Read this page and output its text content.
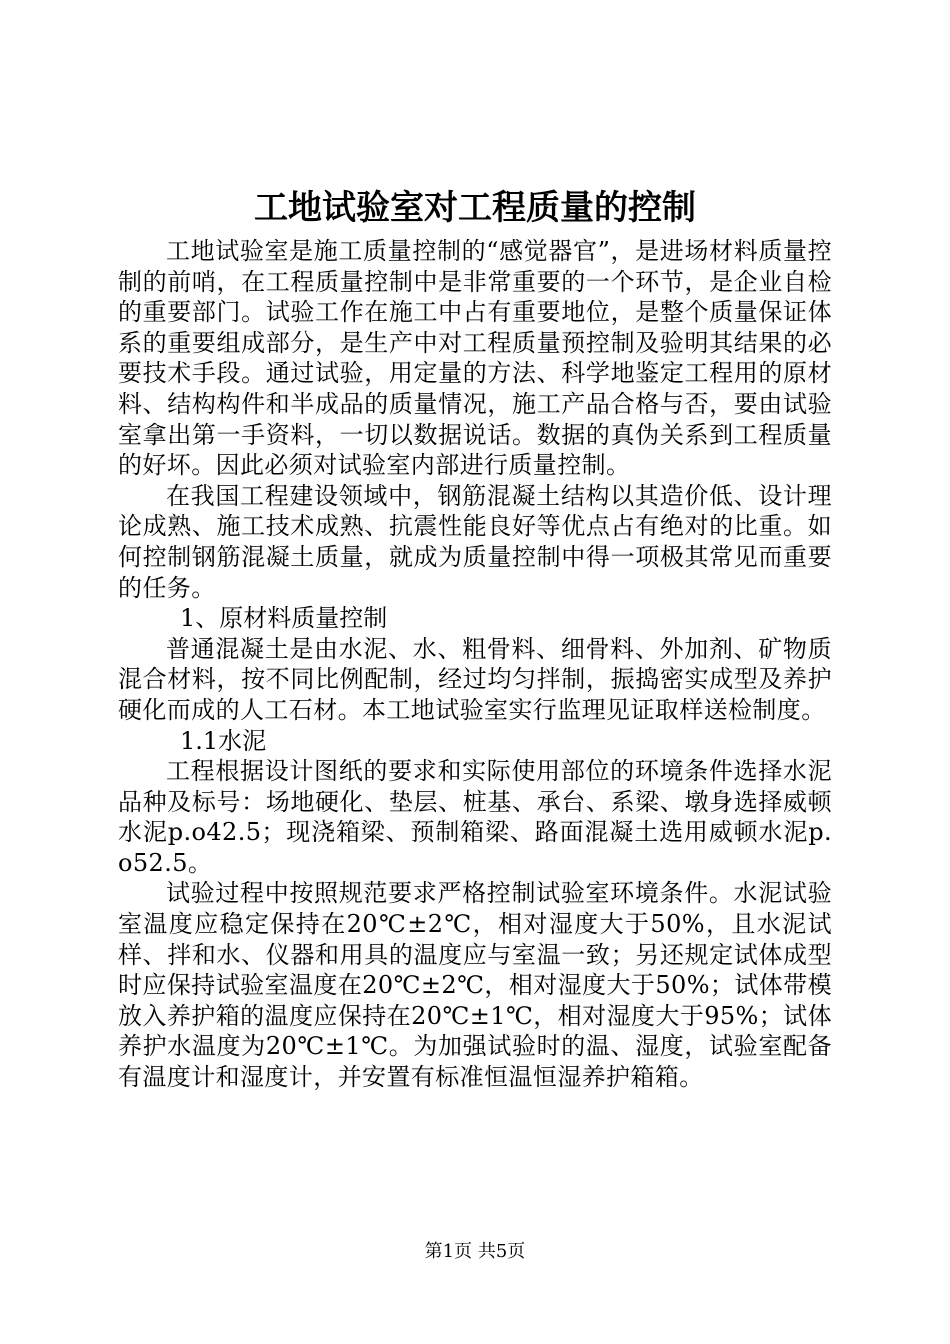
工地试验室对工程质量的控制

工地试验室是施工质量控制的“感觉器官”，是进场材料质量控制的前哨，在工程质量控制中是非常重要的一个环节，是企业自检的重要部门。试验工作在施工中占有重要地位，是整个质量保证体系的重要组成部分，是生产中对工程质量预控制及验明其结果的必要技术手段。通过试验，用定量的方法、科学地鉴定工程用的原材料、结构构件和半成品的质量情况，施工产品合格与否，要由试验室拿出第一手资料，一切以数据说话。数据的真伪关系到工程质量的好坏。因此必须对试验室内部进行质量控制。

在我国工程建设领域中，钢筋混凝土结构以其造价低、设计理论成熟、施工技术成熟、抗震性能良好等优点占有绝对的比重。如何控制钢筋混凝土质量，就成为质量控制中得一项极其常见而重要的任务。

1、原材料质量控制

普通混凝土是由水泥、水、粗骨料、细骨料、外加剂、矿物质混合材料，按不同比例配制，经过均匀拌制，振捣密实成型及养护硬化而成的人工石材。本工地试验室实行监理见证取样送检制度。

1.1水泥

工程根据设计图纸的要求和实际使用部位的环境条件选择水泥品种及标号：场地硬化、垫层、桩基、承台、系梁、墩身选择威顿水泥p.o42.5；现浇箱梁、预制箱梁、路面混凝土选用威顿水泥p.o52.5。

试验过程中按照规范要求严格控制试验室环境条件。水泥试验室温度应稳定保持在20℃±2℃，相对湿度大于50%，且水泥试样、拌和水、仪器和用具的温度应与室温一致；另还规定试体成型时应保持试验室温度在20℃±2℃，相对湿度大于50%；试体带模放入养护箱的温度应保持在20℃±1℃，相对湿度大于95%；试体养护水温度为20℃±1℃。为加强试验时的温、湿度，试验室配备有温度计和湿度计，并安置有标准恒温恒湿养护箱箱。

第1页 共5页
